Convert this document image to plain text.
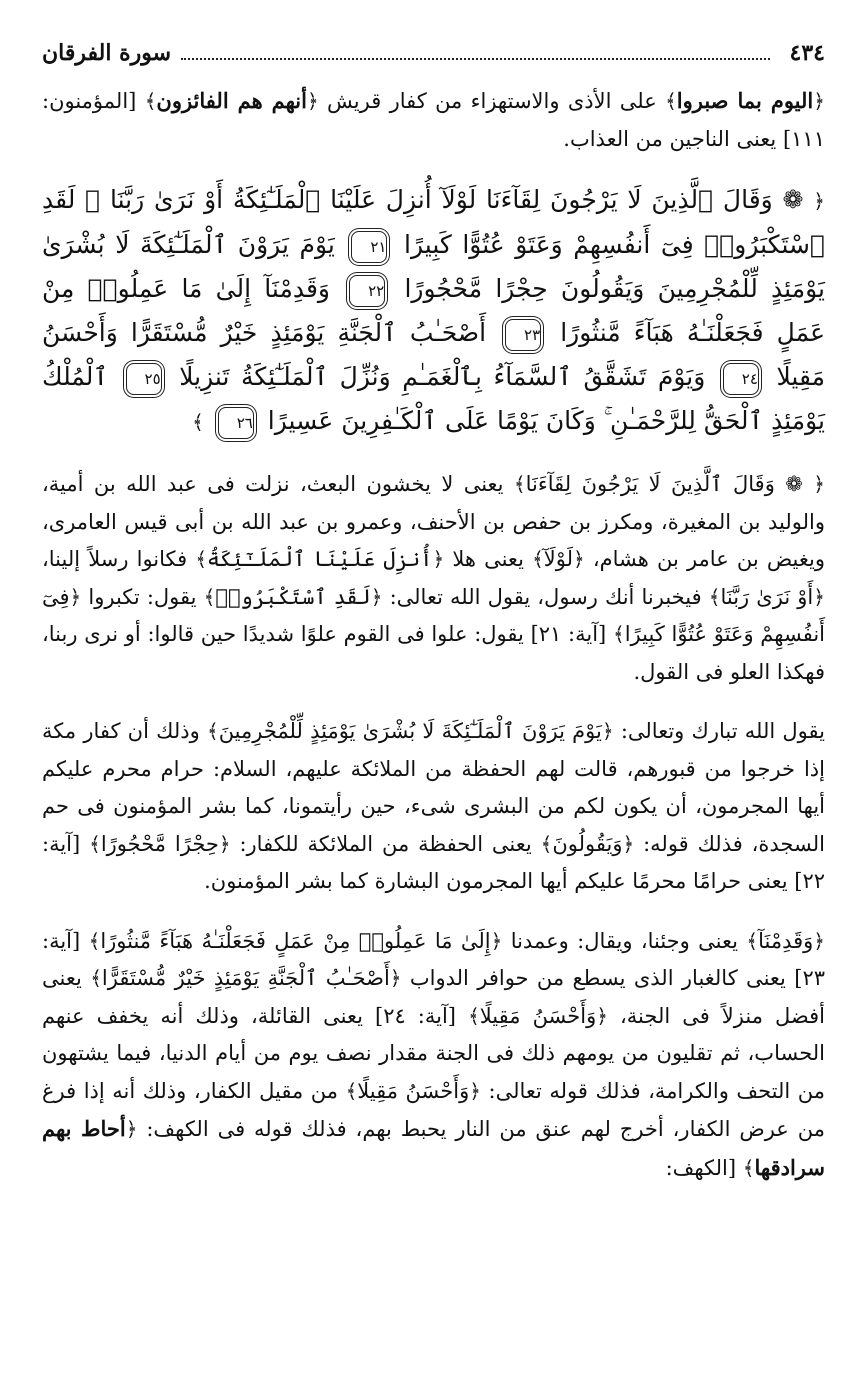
٤٣٤
سورة الفرقان

﴿اليوم بما صبروا﴾ على الأذى والاستهزاء من كفار قريش ﴿أنهم هم الفائزون﴾ [المؤمنون: ١١١] يعنى الناجين من العذاب.

﴿ ❁ وَقَالَ ٱلَّذِينَ لَا يَرْجُونَ لِقَآءَنَا لَوْلَآ أُنزِلَ عَلَيْنَا ٱلْمَلَـٰٓئِكَةُ أَوْ نَرَىٰ رَبَّنَا ۗ لَقَدِ ٱسْتَكْبَرُوا۟ فِىٓ أَنفُسِهِمْ وَعَتَوْ عُتُوًّا كَبِيرًا ٢١ يَوْمَ يَرَوْنَ ٱلْمَلَـٰٓئِكَةَ لَا بُشْرَىٰ يَوْمَئِذٍ لِّلْمُجْرِمِينَ وَيَقُولُونَ حِجْرًا مَّحْجُورًا ٢٢ وَقَدِمْنَآ إِلَىٰ مَا عَمِلُوا۟ مِنْ عَمَلٍ فَجَعَلْنَـٰهُ هَبَآءً مَّنثُورًا ٢٣ أَصْحَـٰبُ ٱلْجَنَّةِ يَوْمَئِذٍ خَيْرٌ مُّسْتَقَرًّا وَأَحْسَنُ مَقِيلًا ٢٤ وَيَوْمَ تَشَقَّقُ ٱلسَّمَآءُ بِٱلْغَمَـٰمِ وَنُزِّلَ ٱلْمَلَـٰٓئِكَةُ تَنزِيلًا ٢٥ ٱلْمُلْكُ يَوْمَئِذٍ ٱلْحَقُّ لِلرَّحْمَـٰنِ ۚ وَكَانَ يَوْمًا عَلَى ٱلْكَـٰفِرِينَ عَسِيرًا ٢٦ ﴾

﴿ ❁ وَقَالَ ٱلَّذِينَ لَا يَرْجُونَ لِقَآءَنَا﴾ يعنى لا يخشون البعث، نزلت فى عبد الله بن أمية، والوليد بن المغيرة، ومكرز بن حفص بن الأحنف، وعمرو بن عبد الله بن أبى قيس العامرى، ويغيض بن عامر بن هشام، ﴿لَوْلَآ﴾ يعنى هلا ﴿أُنزِلَ عَلَيْنَا ٱلْمَلَـٰٓئِكَةُ﴾ فكانوا رسلاً إلينا، ﴿أَوْ نَرَىٰ رَبَّنَا﴾ فيخبرنا أنك رسول، يقول الله تعالى: ﴿لَقَدِ ٱسْتَكْبَرُوا۟﴾ يقول: تكبروا ﴿فِىٓ أَنفُسِهِمْ وَعَتَوْ عُتُوًّا كَبِيرًا﴾ [آية: ٢١] يقول: علوا فى القوم علوًا شديدًا حين قالوا: أو نرى ربنا، فهكذا العلو فى القول.

يقول الله تبارك وتعالى: ﴿يَوْمَ يَرَوْنَ ٱلْمَلَـٰٓئِكَةَ لَا بُشْرَىٰ يَوْمَئِذٍ لِّلْمُجْرِمِينَ﴾ وذلك أن كفار مكة إذا خرجوا من قبورهم، قالت لهم الحفظة من الملائكة عليهم، السلام: حرام محرم عليكم أيها المجرمون، أن يكون لكم من البشرى شىء، حين رأيتمونا، كما بشر المؤمنون فى حم السجدة، فذلك قوله: ﴿وَيَقُولُونَ﴾ يعنى الحفظة من الملائكة للكفار: ﴿حِجْرًا مَّحْجُورًا﴾ [آية: ٢٢] يعنى حرامًا محرمًا عليكم أيها المجرمون البشارة كما بشر المؤمنون.

﴿وَقَدِمْنَآ﴾ يعنى وجئنا، ويقال: وعمدنا ﴿إِلَىٰ مَا عَمِلُوا۟ مِنْ عَمَلٍ فَجَعَلْنَـٰهُ هَبَآءً مَّنثُورًا﴾ [آية: ٢٣] يعنى كالغبار الذى يسطع من حوافر الدواب ﴿أَصْحَـٰبُ ٱلْجَنَّةِ يَوْمَئِذٍ خَيْرٌ مُّسْتَقَرًّا﴾ يعنى أفضل منزلاً فى الجنة، ﴿وَأَحْسَنُ مَقِيلًا﴾ [آية: ٢٤] يعنى القائلة، وذلك أنه يخفف عنهم الحساب، ثم تقليون من يومهم ذلك فى الجنة مقدار نصف يوم من أيام الدنيا، فيما يشتهون من التحف والكرامة، فذلك قوله تعالى: ﴿وَأَحْسَنُ مَقِيلًا﴾ من مقيل الكفار، وذلك أنه إذا فرغ من عرض الكفار، أخرج لهم عنق من النار يحبط بهم، فذلك قوله فى الكهف: ﴿أحاط بهم سرادقها﴾ [الكهف:
